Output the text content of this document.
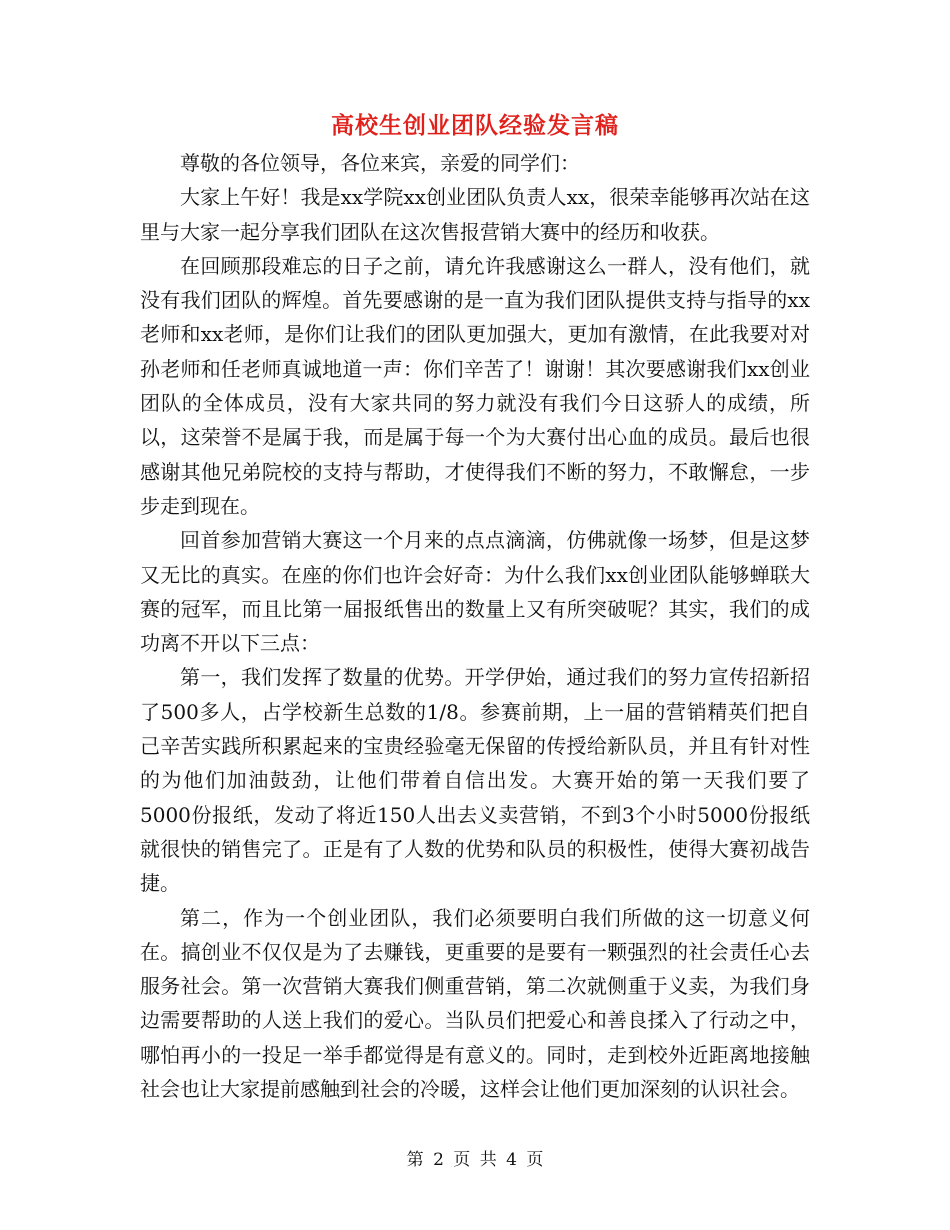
高校生创业团队经验发言稿

尊敬的各位领导，各位来宾，亲爱的同学们：

大家上午好！我是xx学院xx创业团队负责人xx，很荣幸能够再次站在这里与大家一起分享我们团队在这次售报营销大赛中的经历和收获。

在回顾那段难忘的日子之前，请允许我感谢这么一群人，没有他们，就没有我们团队的辉煌。首先要感谢的是一直为我们团队提供支持与指导的xx老师和xx老师，是你们让我们的团队更加强大，更加有激情，在此我要对对孙老师和任老师真诚地道一声：你们辛苦了！谢谢！其次要感谢我们xx创业团队的全体成员，没有大家共同的努力就没有我们今日这骄人的成绩，所以，这荣誉不是属于我，而是属于每一个为大赛付出心血的成员。最后也很感谢其他兄弟院校的支持与帮助，才使得我们不断的努力，不敢懈怠，一步步走到现在。

回首参加营销大赛这一个月来的点点滴滴，仿佛就像一场梦，但是这梦又无比的真实。在座的你们也许会好奇：为什么我们xx创业团队能够蝉联大赛的冠军，而且比第一届报纸售出的数量上又有所突破呢？其实，我们的成功离不开以下三点：

第一，我们发挥了数量的优势。开学伊始，通过我们的努力宣传招新招了500多人，占学校新生总数的1/8。参赛前期，上一届的营销精英们把自己辛苦实践所积累起来的宝贵经验毫无保留的传授给新队员，并且有针对性的为他们加油鼓劲，让他们带着自信出发。大赛开始的第一天我们要了5000份报纸，发动了将近150人出去义卖营销，不到3个小时5000份报纸就很快的销售完了。正是有了人数的优势和队员的积极性，使得大赛初战告捷。

第二，作为一个创业团队，我们必须要明白我们所做的这一切意义何在。搞创业不仅仅是为了去赚钱，更重要的是要有一颗强烈的社会责任心去服务社会。第一次营销大赛我们侧重营销，第二次就侧重于义卖，为我们身边需要帮助的人送上我们的爱心。当队员们把爱心和善良揉入了行动之中，哪怕再小的一投足一举手都觉得是有意义的。同时，走到校外近距离地接触社会也让大家提前感触到社会的冷暖，这样会让他们更加深刻的认识社会。

第 2 页 共 4 页
